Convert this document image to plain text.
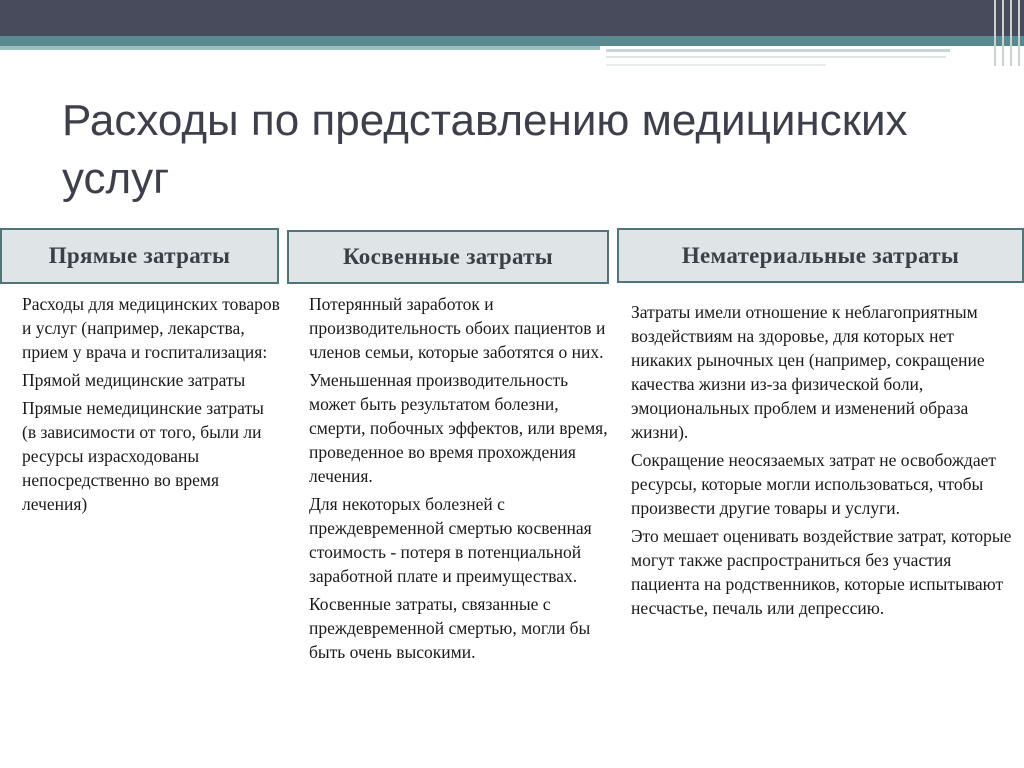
Расходы по представлению медицинских услуг
Прямые затраты	Косвенные затраты	Нематериальные затраты

Расходы для медицинских товаров и услуг (например, лекарства, прием у врача и госпитализация:

Прямой медицинские затраты

Прямые немедицинские затраты (в зависимости от того, были ли ресурсы израсходованы непосредственно во время лечения)

Потерянный заработок и производительность обоих пациентов и членов семьи, которые заботятся о них.

Уменьшенная производительность может быть результатом болезни, смерти, побочных эффектов, или время, проведенное во время прохождения лечения.

Для некоторых болезней с преждевременной смертью косвенная стоимость - потеря в потенциальной заработной плате и преимуществах.

Косвенные затраты, связанные с преждевременной смертью, могли бы быть очень высокими.

Затраты имели отношение к неблагоприятным воздействиям на здоровье, для которых нет никаких рыночных цен (например, сокращение качества жизни из-за физической боли, эмоциональных проблем и изменений образа жизни).

Сокращение неосязаемых затрат не освобождает ресурсы, которые могли использоваться, чтобы произвести другие товары и услуги.

Это мешает оценивать воздействие затрат, которые могут также распространиться без участия пациента на родственников, которые испытывают несчастье, печаль или депрессию.
